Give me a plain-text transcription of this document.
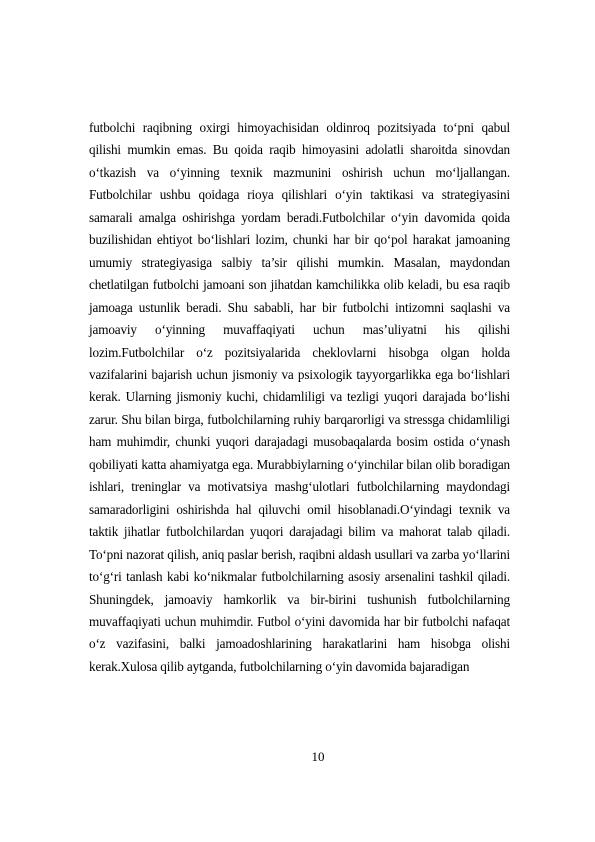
futbolchi raqibning oxirgi himoyachisidan oldinroq pozitsiyada to‘pni qabul qilishi mumkin emas. Bu qoida raqib himoyasini adolatli sharoitda sinovdan o‘tkazish va o‘yinning texnik mazmunini oshirish uchun mo‘ljallangan. Futbolchilar ushbu qoidaga rioya qilishlari o‘yin taktikasi va strategiyasini samarali amalga oshirishga yordam beradi.Futbolchilar o‘yin davomida qoida buzilishidan ehtiyot bo‘lishlari lozim, chunki har bir qo‘pol harakat jamoaning umumiy strategiyasiga salbiy ta’sir qilishi mumkin. Masalan, maydondan chetlatilgan futbolchi jamoani son jihatdan kamchilikka olib keladi, bu esa raqib jamoaga ustunlik beradi. Shu sababli, har bir futbolchi intizomni saqlashi va jamoaviy o‘yinning muvaffaqiyati uchun mas’uliyatni his qilishi lozim.Futbolchilar o‘z pozitsiyalarida cheklovlarni hisobga olgan holda vazifalarini bajarish uchun jismoniy va psixologik tayyorgarlikka ega bo‘lishlari kerak. Ularning jismoniy kuchi, chidamliligi va tezligi yuqori darajada bo‘lishi zarur. Shu bilan birga, futbolchilarning ruhiy barqarorligi va stressga chidamliligi ham muhimdir, chunki yuqori darajadagi musobaqalarda bosim ostida o‘ynash qobiliyati katta ahamiyatga ega. Murabbiylarning o‘yinchilar bilan olib boradigan ishlari, treninglar va motivatsiya mashg‘ulotlari futbolchilarning maydondagi samaradorligini oshirishda hal qiluvchi omil hisoblanadi.O‘yindagi texnik va taktik jihatlar futbolchilardan yuqori darajadagi bilim va mahorat talab qiladi. To‘pni nazorat qilish, aniq paslar berish, raqibni aldash usullari va zarba yo‘llarini to‘g‘ri tanlash kabi ko‘nikmalar futbolchilarning asosiy arsenalini tashkil qiladi. Shuningdek, jamoaviy hamkorlik va bir-birini tushunish futbolchilarning muvaffaqiyati uchun muhimdir. Futbol o‘yini davomida har bir futbolchi nafaqat o‘z vazifasini, balki jamoadoshlarining harakatlarini ham hisobga olishi kerak.Xulosa qilib aytganda, futbolchilarning o‘yin davomida bajaradigan

10
